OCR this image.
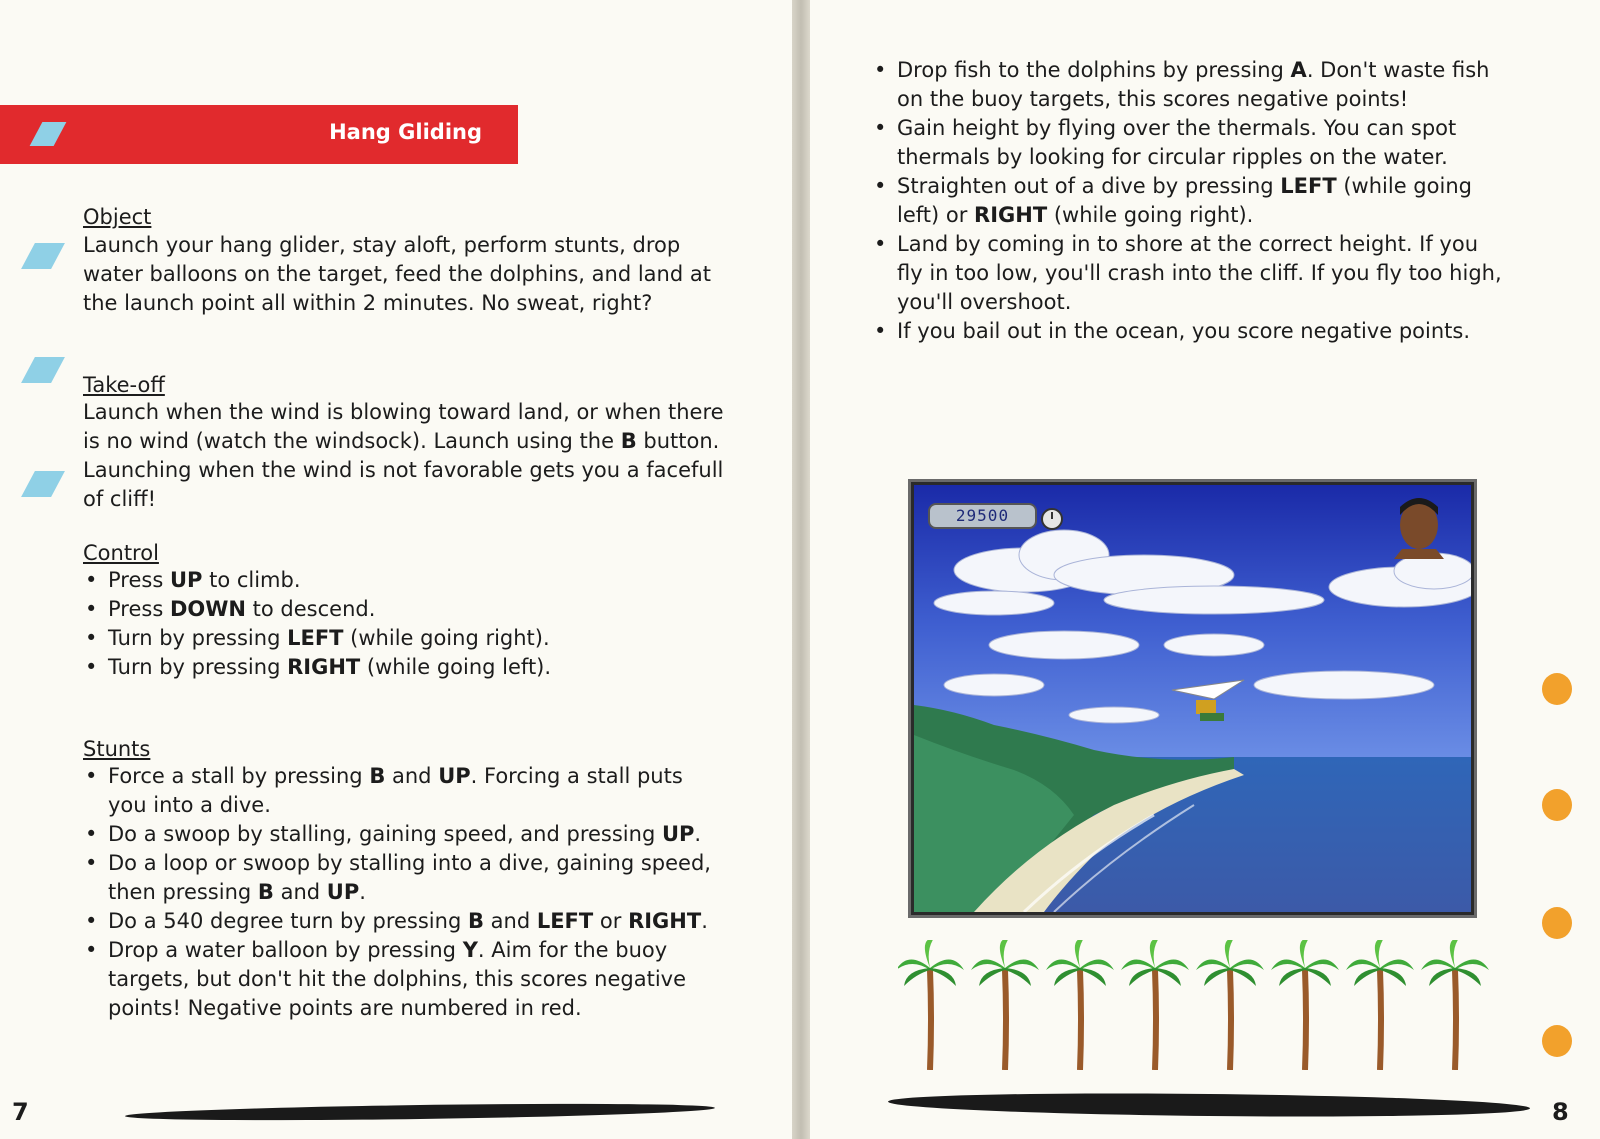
Hang Gliding
Object
Launch your hang glider, stay aloft, perform stunts, drop water balloons on the target, feed the dolphins, and land at the launch point all within 2 minutes. No sweat, right?
Take-off
Launch when the wind is blowing toward land, or when there is no wind (watch the windsock). Launch using the B button. Launching when the wind is not favorable gets you a facefull of cliff!
Control
• Press UP to climb.
• Press DOWN to descend.
• Turn by pressing LEFT (while going right).
• Turn by pressing RIGHT (while going left).
Stunts
• Force a stall by pressing B and UP. Forcing a stall puts you into a dive.
• Do a swoop by stalling, gaining speed, and pressing UP.
• Do a loop or swoop by stalling into a dive, gaining speed, then pressing B and UP.
• Do a 540 degree turn by pressing B and LEFT or RIGHT.
• Drop a water balloon by pressing Y. Aim for the buoy targets, but don't hit the dolphins, this scores negative points! Negative points are numbered in red.
7
• Drop fish to the dolphins by pressing A. Don't waste fish on the buoy targets, this scores negative points!
• Gain height by flying over the thermals. You can spot thermals by looking for circular ripples on the water.
• Straighten out of a dive by pressing LEFT (while going left) or RIGHT (while going right).
• Land by coming in to shore at the correct height. If you fly in too low, you'll crash into the cliff. If you fly too high, you'll overshoot.
• If you bail out in the ocean, you score negative points.
8
29500
